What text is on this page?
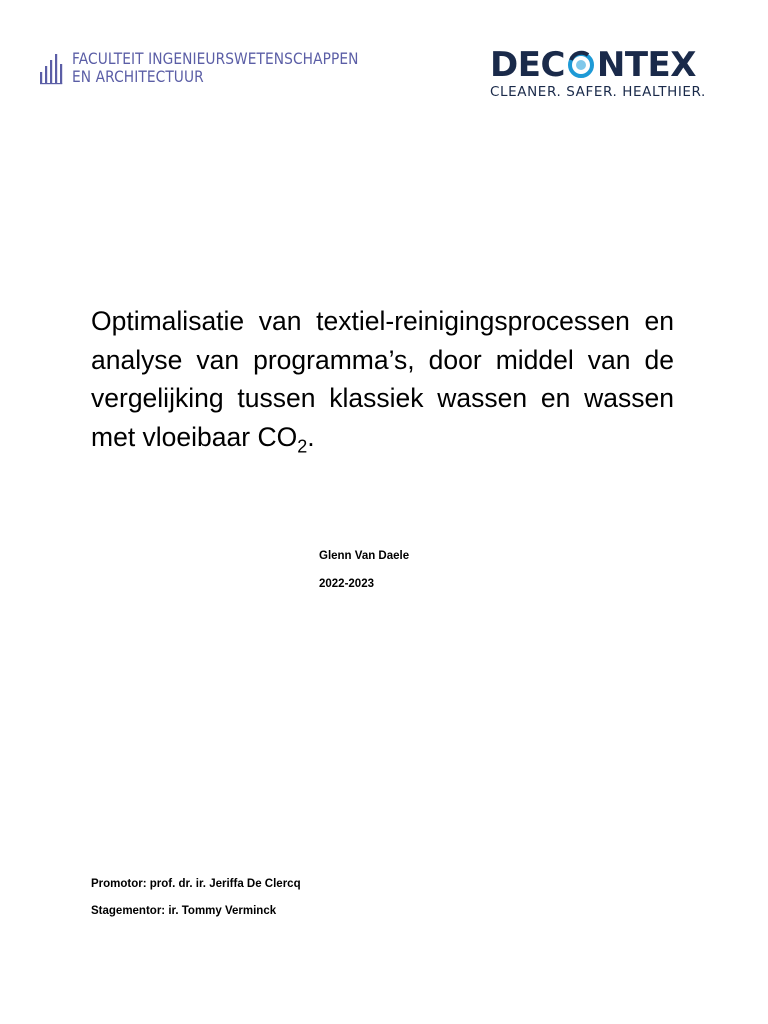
FACULTEIT INGENIEURSWETENSCHAPPEN
EN ARCHITECTUUR	DEC NTEX
CLEANER. SAFER. HEALTHIER.
Optimalisatie van textiel-reinigingsprocessen en analyse van programma’s, door middel van de vergelijking tussen klassiek wassen en wassen met vloeibaar $CO_2$.
Glenn Van Daele
2022-2023
Promotor: prof. dr. ir. Jeriffa De Clercq
Stagementor: ir. Tommy Verminck
